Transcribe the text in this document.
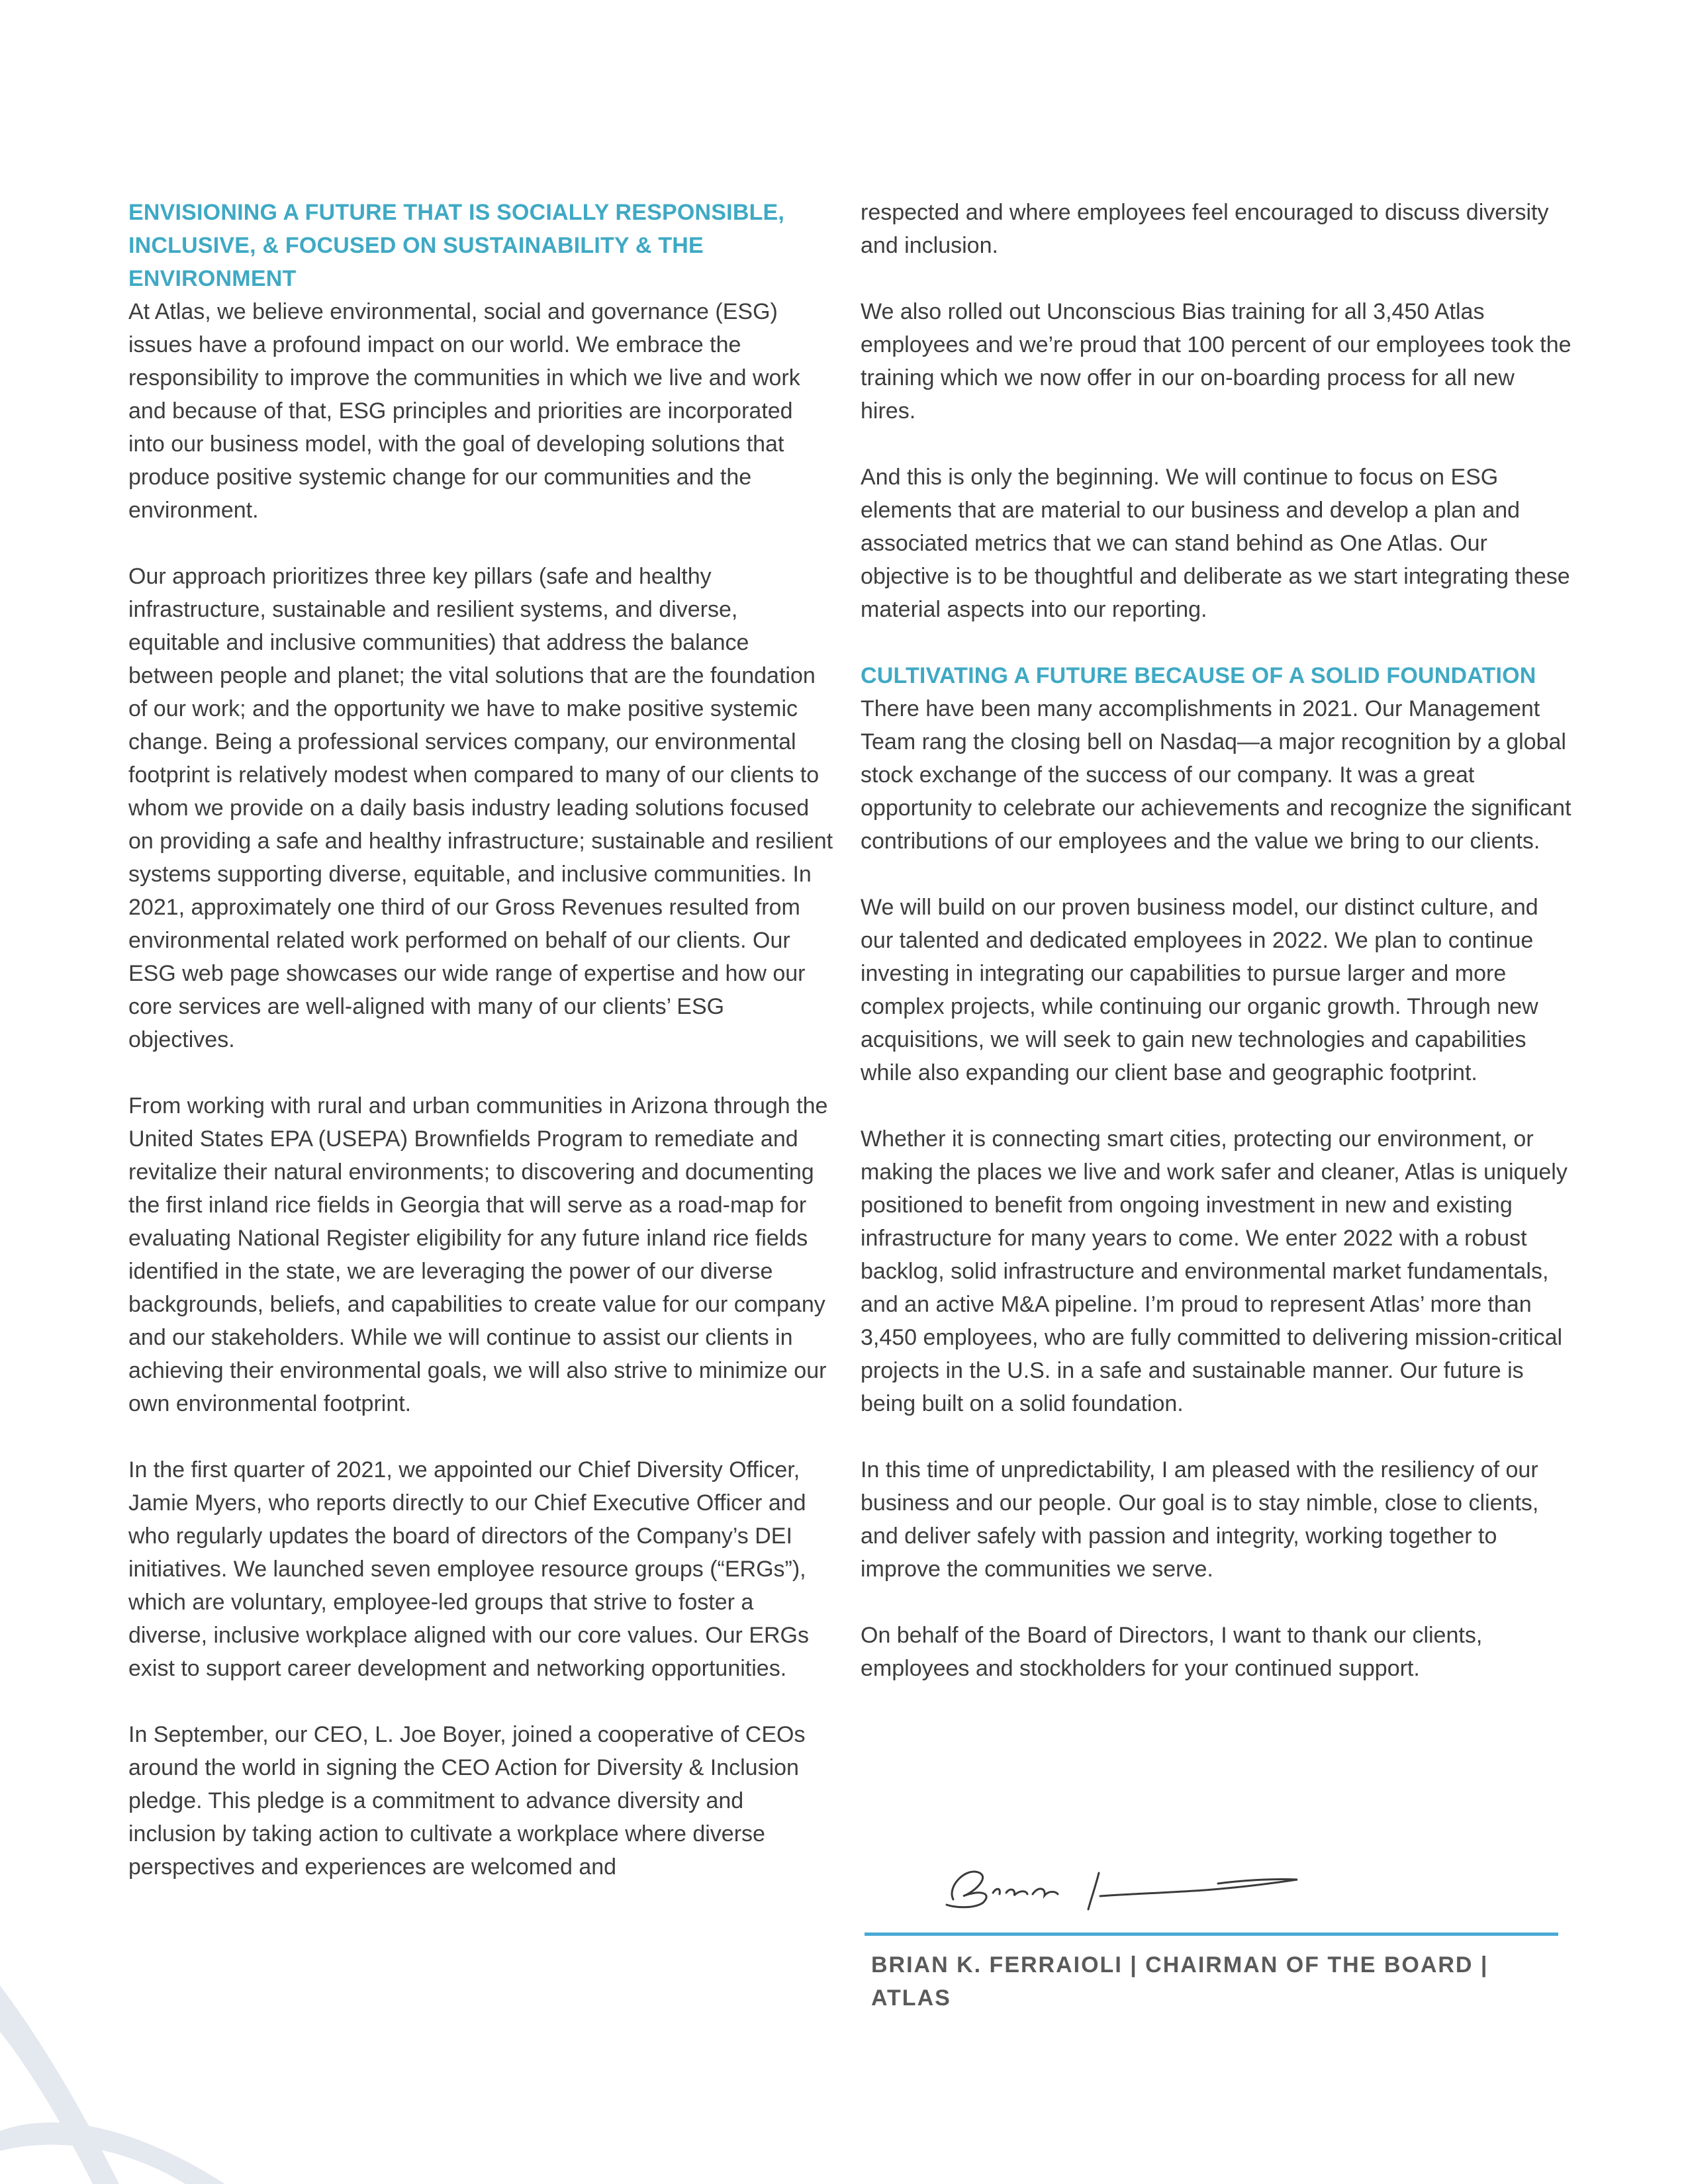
ENVISIONING A FUTURE THAT IS SOCIALLY RESPONSIBLE, INCLUSIVE, & FOCUSED ON SUSTAINABILITY & THE ENVIRONMENT

At Atlas, we believe environmental, social and governance (ESG) issues have a profound impact on our world. We embrace the responsibility to improve the communities in which we live and work and because of that, ESG principles and priorities are incorporated into our business model, with the goal of developing solutions that produce positive systemic change for our communities and the environment.

Our approach prioritizes three key pillars (safe and healthy infrastructure, sustainable and resilient systems, and diverse, equitable and inclusive communities) that address the balance between people and planet; the vital solutions that are the foundation of our work; and the opportunity we have to make positive systemic change. Being a professional services company, our environmental footprint is relatively modest when compared to many of our clients to whom we provide on a daily basis industry leading solutions focused on providing a safe and healthy infrastructure; sustainable and resilient systems supporting diverse, equitable, and inclusive communities. In 2021, approximately one third of our Gross Revenues resulted from environmental related work performed on behalf of our clients. Our ESG web page showcases our wide range of expertise and how our core services are well-aligned with many of our clients’ ESG objectives.

From working with rural and urban communities in Arizona through the United States EPA (USEPA) Brownfields Program to remediate and revitalize their natural environments; to discovering and documenting the first inland rice fields in Georgia that will serve as a road-map for evaluating National Register eligibility for any future inland rice fields identified in the state, we are leveraging the power of our diverse backgrounds, beliefs, and capabilities to create value for our company and our stakeholders. While we will continue to assist our clients in achieving their environmental goals, we will also strive to minimize our own environmental footprint.

In the first quarter of 2021, we appointed our Chief Diversity Officer, Jamie Myers, who reports directly to our Chief Executive Officer and who regularly updates the board of directors of the Company’s DEI initiatives. We launched seven employee resource groups (“ERGs”), which are voluntary, employee-led groups that strive to foster a diverse, inclusive workplace aligned with our core values. Our ERGs exist to support career development and networking opportunities.

In September, our CEO, L. Joe Boyer, joined a cooperative of CEOs around the world in signing the CEO Action for Diversity & Inclusion pledge. This pledge is a commitment to advance diversity and inclusion by taking action to cultivate a workplace where diverse perspectives and experiences are welcomed and

respected and where employees feel encouraged to discuss diversity and inclusion.

We also rolled out Unconscious Bias training for all 3,450 Atlas employees and we’re proud that 100 percent of our employees took the training which we now offer in our on-boarding process for all new hires.

And this is only the beginning. We will continue to focus on ESG elements that are material to our business and develop a plan and associated metrics that we can stand behind as One Atlas. Our objective is to be thoughtful and deliberate as we start integrating these material aspects into our reporting.

CULTIVATING A FUTURE BECAUSE OF A SOLID FOUNDATION

There have been many accomplishments in 2021. Our Management Team rang the closing bell on Nasdaq—a major recognition by a global stock exchange of the success of our company. It was a great opportunity to celebrate our achievements and recognize the significant contributions of our employees and the value we bring to our clients.

We will build on our proven business model, our distinct culture, and our talented and dedicated employees in 2022. We plan to continue investing in integrating our capabilities to pursue larger and more complex projects, while continuing our organic growth. Through new acquisitions, we will seek to gain new technologies and capabilities while also expanding our client base and geographic footprint.

Whether it is connecting smart cities, protecting our environment, or making the places we live and work safer and cleaner, Atlas is uniquely positioned to benefit from ongoing investment in new and existing infrastructure for many years to come. We enter 2022 with a robust backlog, solid infrastructure and environmental market fundamentals, and an active M&A pipeline. I’m proud to represent Atlas’ more than 3,450 employees, who are fully committed to delivering mission-critical projects in the U.S. in a safe and sustainable manner. Our future is being built on a solid foundation.

In this time of unpredictability, I am pleased with the resiliency of our business and our people. Our goal is to stay nimble, close to clients, and deliver safely with passion and integrity, working together to improve the communities we serve.

On behalf of the Board of Directors, I want to thank our clients, employees and stockholders for your continued support.

BRIAN K. FERRAIOLI | CHAIRMAN OF THE BOARD | ATLAS
